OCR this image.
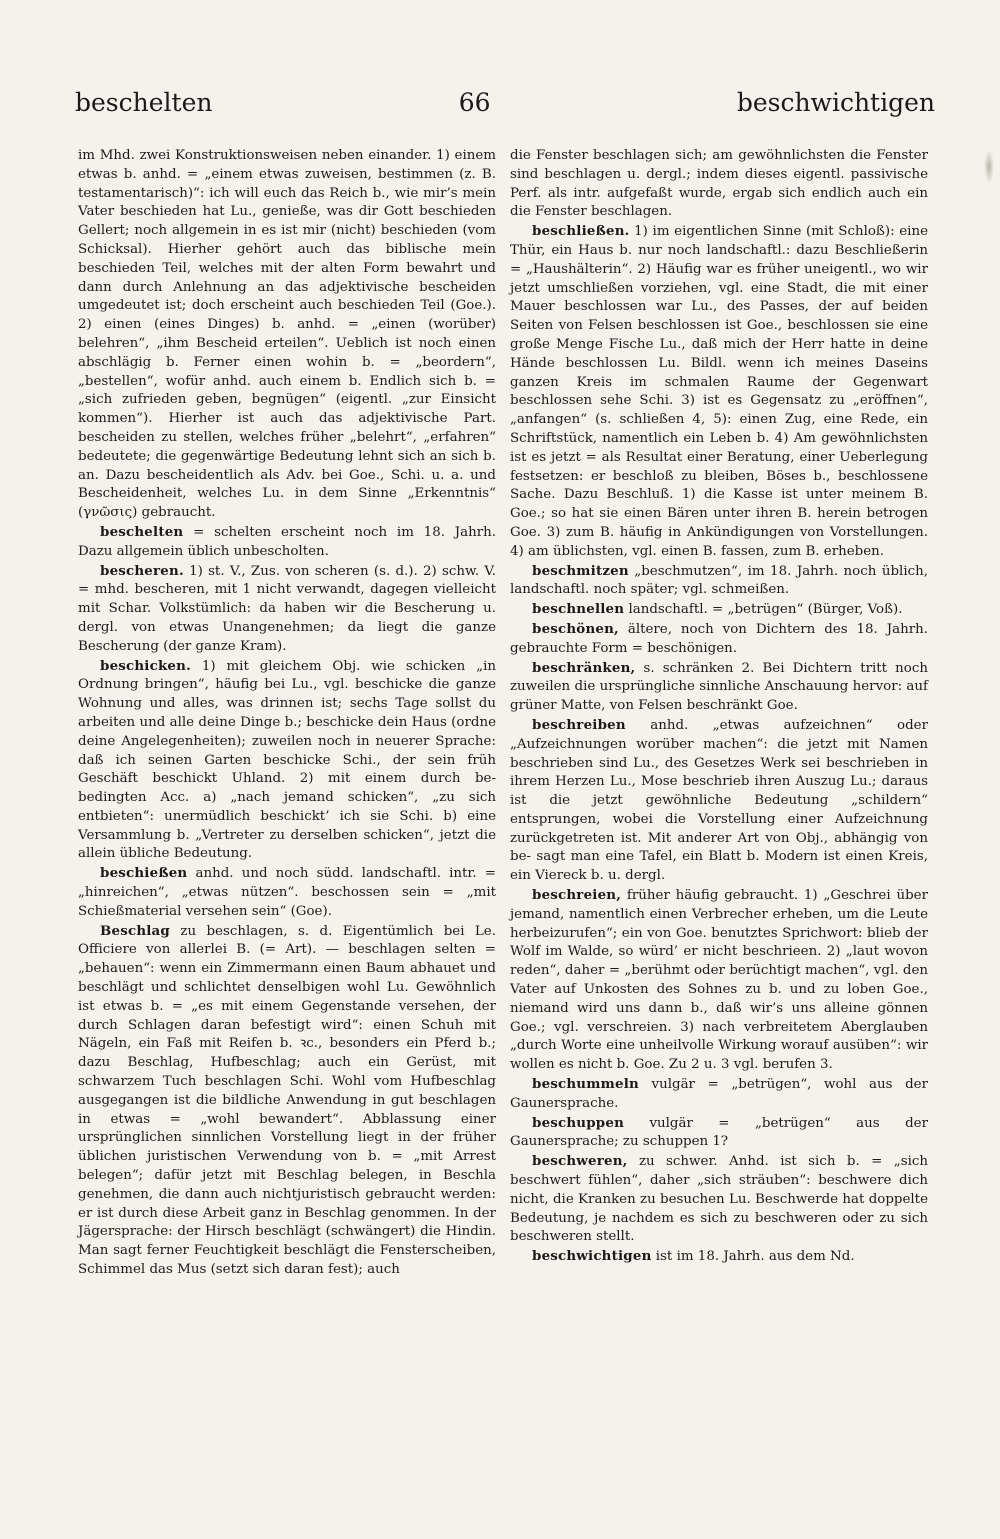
beschelten	66	beschwichtigen

im Mhd. zwei Konstruktionsweisen neben einander. 1) einem etwas b. anhd. = „einem etwas zuweisen, bestimmen (z. B. testamentarisch)“: ich will euch das Reich b., wie mir’s mein Vater beschieden hat Lu., genieße, was dir Gott beschieden Gellert; noch allgemein in es ist mir (nicht) beschieden (vom Schicksal). Hierher gehört auch das biblische mein beschieden Teil, welches mit der alten Form bewahrt und dann durch Anlehnung an das adjektivische bescheiden umgedeutet ist; doch erscheint auch beschieden Teil (Goe.). 2) einen (eines Dinges) b. anhd. = „einen (worüber) belehren“, „ihm Bescheid erteilen“. Ueblich ist noch einen abschlägig b. Ferner einen wohin b. = „beordern“, „bestellen“, wofür anhd. auch einem b. Endlich sich b. = „sich zufrieden geben, begnügen“ (eigentl. „zur Einsicht kommen“). Hierher ist auch das adjektivische Part. bescheiden zu stellen, welches früher „belehrt“, „erfahren“ bedeutete; die gegenwärtige Bedeutung lehnt sich an sich b. an. Dazu bescheidentlich als Adv. bei Goe., Schi. u. a. und Bescheidenheit, welches Lu. in dem Sinne „Erkenntnis“ (γνῶσις) gebraucht.

beschelten = schelten erscheint noch im 18. Jahrh. Dazu allgemein üblich unbescholten.

bescheren. 1) st. V., Zus. von scheren (s. d.). 2) schw. V. = mhd. bescheren, mit 1 nicht verwandt, dagegen vielleicht mit Schar. Volkstümlich: da haben wir die Bescherung u. dergl. von etwas Unangenehmen; da liegt die ganze Bescherung (der ganze Kram).

beschicken. 1) mit gleichem Obj. wie schicken „in Ordnung bringen“, häufig bei Lu., vgl. beschicke die ganze Wohnung und alles, was drinnen ist; sechs Tage sollst du arbeiten und alle deine Dinge b.; beschicke dein Haus (ordne deine Angelegenheiten); zuweilen noch in neuerer Sprache: daß ich seinen Garten beschicke Schi., der sein früh Geschäft beschickt Uhland. 2) mit einem durch be- bedingten Acc. a) „nach jemand schicken“, „zu sich entbieten“: unermüdlich beschickt’ ich sie Schi. b) eine Versammlung b. „Vertreter zu derselben schicken“, jetzt die allein übliche Bedeutung.

beschießen anhd. und noch südd. landschaftl. intr. = „hinreichen“, „etwas nützen“. beschossen sein = „mit Schießmaterial versehen sein“ (Goe).

Beschlag zu beschlagen, s. d. Eigentümlich bei Le. Officiere von allerlei B. (= Art). — beschlagen selten = „behauen“: wenn ein Zimmermann einen Baum abhauet und beschlägt und schlichtet denselbigen wohl Lu. Gewöhnlich ist etwas b. = „es mit einem Gegenstande versehen, der durch Schlagen daran befestigt wird“: einen Schuh mit Nägeln, ein Faß mit Reifen b. ꝛc., besonders ein Pferd b.; dazu Beschlag, Hufbeschlag; auch ein Gerüst, mit schwarzem Tuch beschlagen Schi. Wohl vom Hufbeschlag ausgegangen ist die bildliche Anwendung in gut beschlagen in etwas = „wohl bewandert“. Abblassung einer ursprünglichen sinnlichen Vorstellung liegt in der früher üblichen juristischen Verwendung von b. = „mit Arrest belegen“; dafür jetzt mit Beschlag belegen, in Beschla genehmen, die dann auch nichtjuristisch gebraucht werden: er ist durch diese Arbeit ganz in Beschlag genommen. In der Jägersprache: der Hirsch beschlägt (schwängert) die Hindin. Man sagt ferner Feuchtigkeit beschlägt die Fensterscheiben, Schimmel das Mus (setzt sich daran fest); auch

die Fenster beschlagen sich; am gewöhnlichsten die Fenster sind beschlagen u. dergl.; indem dieses eigentl. passivische Perf. als intr. aufgefaßt wurde, ergab sich endlich auch ein die Fenster beschlagen.

beschließen. 1) im eigentlichen Sinne (mit Schloß): eine Thür, ein Haus b. nur noch landschaftl.: dazu Beschließerin = „Haushälterin“. 2) Häufig war es früher uneigentl., wo wir jetzt umschließen vorziehen, vgl. eine Stadt, die mit einer Mauer beschlossen war Lu., des Passes, der auf beiden Seiten von Felsen beschlossen ist Goe., beschlossen sie eine große Menge Fische Lu., daß mich der Herr hatte in deine Hände beschlossen Lu. Bildl. wenn ich meines Daseins ganzen Kreis im schmalen Raume der Gegenwart beschlossen sehe Schi. 3) ist es Gegensatz zu „eröffnen“, „anfangen“ (s. schließen 4, 5): einen Zug, eine Rede, ein Schriftstück, namentlich ein Leben b. 4) Am gewöhnlichsten ist es jetzt = als Resultat einer Beratung, einer Ueberlegung festsetzen: er beschloß zu bleiben, Böses b., beschlossene Sache. Dazu Beschluß. 1) die Kasse ist unter meinem B. Goe.; so hat sie einen Bären unter ihren B. herein betrogen Goe. 3) zum B. häufig in Ankündigungen von Vorstellungen. 4) am üblichsten, vgl. einen B. fassen, zum B. erheben.

beschmitzen „beschmutzen“, im 18. Jahrh. noch üblich, landschaftl. noch später; vgl. schmeißen.

beschnellen landschaftl. = „betrügen“ (Bürger, Voß).

beschönen, ältere, noch von Dichtern des 18. Jahrh. gebrauchte Form = beschönigen.

beschränken, s. schränken 2. Bei Dichtern tritt noch zuweilen die ursprüngliche sinnliche Anschauung hervor: auf grüner Matte, von Felsen beschränkt Goe.

beschreiben anhd. „etwas aufzeichnen“ oder „Aufzeichnungen worüber machen“: die jetzt mit Namen beschrieben sind Lu., des Gesetzes Werk sei beschrieben in ihrem Herzen Lu., Mose beschrieb ihren Auszug Lu.; daraus ist die jetzt gewöhnliche Bedeutung „schildern“ entsprungen, wobei die Vorstellung einer Aufzeichnung zurückgetreten ist. Mit anderer Art von Obj., abhängig von be- sagt man eine Tafel, ein Blatt b. Modern ist einen Kreis, ein Viereck b. u. dergl.

beschreien, früher häufig gebraucht. 1) „Geschrei über jemand, namentlich einen Verbrecher erheben, um die Leute herbeizurufen“; ein von Goe. benutztes Sprichwort: blieb der Wolf im Walde, so würd’ er nicht beschrieen. 2) „laut wovon reden“, daher = „berühmt oder berüchtigt machen“, vgl. den Vater auf Unkosten des Sohnes zu b. und zu loben Goe., niemand wird uns dann b., daß wir’s uns alleine gönnen Goe.; vgl. verschreien. 3) nach verbreitetem Aberglauben „durch Worte eine unheilvolle Wirkung worauf ausüben“: wir wollen es nicht b. Goe. Zu 2 u. 3 vgl. berufen 3.

beschummeln vulgär = „betrügen“, wohl aus der Gaunersprache.

beschuppen vulgär = „betrügen“ aus der Gaunersprache; zu schuppen 1?

beschweren, zu schwer. Anhd. ist sich b. = „sich beschwert fühlen“, daher „sich sträuben“: beschwere dich nicht, die Kranken zu besuchen Lu. Beschwerde hat doppelte Bedeutung, je nachdem es sich zu beschweren oder zu sich beschweren stellt.

beschwichtigen ist im 18. Jahrh. aus dem Nd.
